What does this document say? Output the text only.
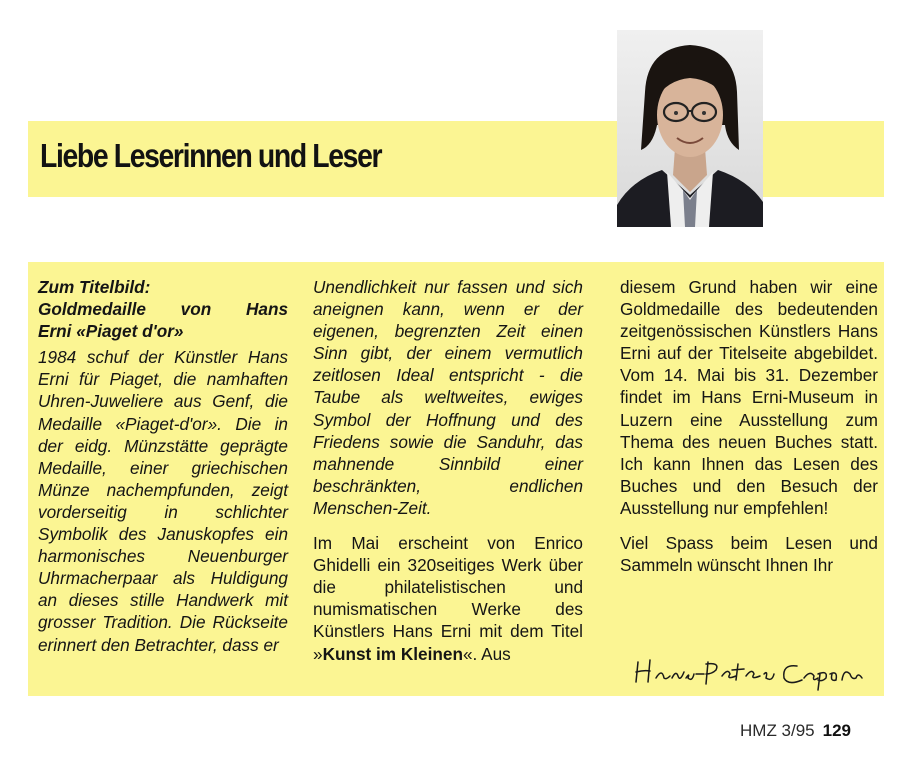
Liebe Leserinnen und Leser

Zum Titelbild:

Goldmedaille von Hans

Erni «Piaget d'or»

1984 schuf der Künstler Hans Erni für Piaget, die namhaften Uhren-Juweliere aus Genf, die Medaille «Piaget-d'or». Die in der eidg. Münzstätte geprägte Medaille, einer griechischen Münze nachempfunden, zeigt vorderseitig in schlichter Symbolik des Januskopfes ein harmonisches Neuenburger Uhrmacherpaar als Huldigung an dieses stille Handwerk mit grosser Tradition. Die Rückseite erinnert den Betrachter, dass er

Unendlichkeit nur fassen und sich aneignen kann, wenn er der eigenen, begrenzten Zeit einen Sinn gibt, der einem vermutlich zeitlosen Ideal entspricht - die Taube als weltweites, ewiges Symbol der Hoffnung und des Friedens sowie die Sanduhr, das mahnende Sinnbild einer beschränkten, endlichen Menschen-Zeit.

Im Mai erscheint von Enrico Ghidelli ein 320seitiges Werk über die philatelistischen und numismatischen Werke des Künstlers Hans Erni mit dem Titel »Kunst im Kleinen«. Aus

diesem Grund haben wir eine Goldmedaille des bedeutenden zeitgenössischen Künstlers Hans Erni auf der Titelseite abgebildet. Vom 14. Mai bis 31. Dezember findet im Hans Erni-Museum in Luzern eine Ausstellung zum Thema des neuen Buches statt. Ich kann Ihnen das Lesen des Buches und den Besuch der Ausstellung nur empfehlen!

Viel Spass beim Lesen und Sammeln wünscht Ihnen Ihr

HMZ 3/95 129
